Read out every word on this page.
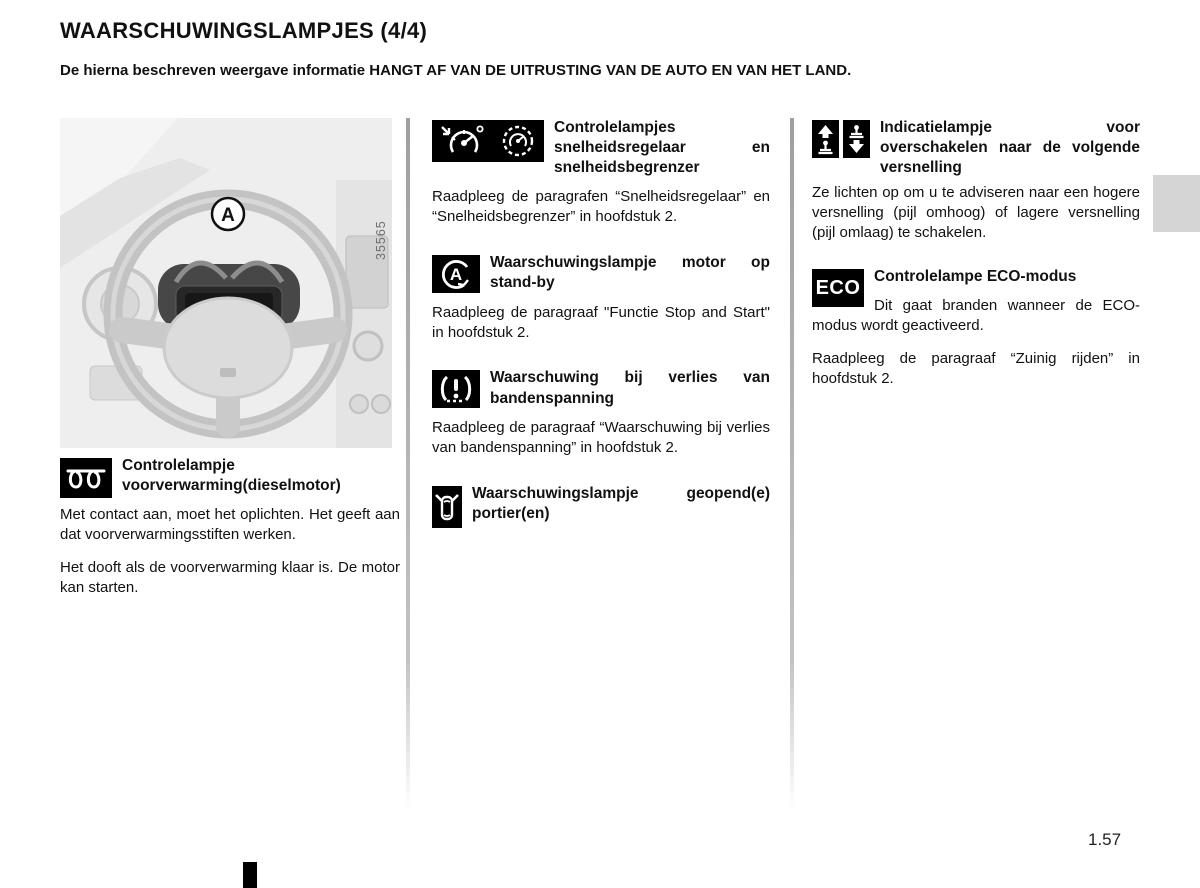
WAARSCHUWINGSLAMPJES (4/4)

De hierna beschreven weergave informatie HANGT AF VAN DE UITRUSTING VAN DE AUTO EN VAN HET LAND.

A
35565
Controlelampje voorverwarming(dieselmotor)

Met contact aan, moet het oplichten. Het geeft aan dat voorverwarmingsstiften werken.

Het dooft als de voorverwarming klaar is. De motor kan starten.

Controlelampjes snelheidsregelaar en snelheidsbegrenzer

Raadpleeg de paragrafen “Snelheidsregelaar” en “Snelheidsbegrenzer” in hoofdstuk 2.

A
Waarschuwingslampje motor op stand-by

Raadpleeg de paragraaf "Functie Stop and Start" in hoofdstuk 2.

Waarschuwing bij verlies van bandenspanning

Raadpleeg de paragraaf “Waarschuwing bij verlies van bandenspanning” in hoofdstuk 2.

Waarschuwingslampje geopend(e) portier(en)
Indicatielampje voor overschakelen naar de volgende versnelling

Ze lichten op om u te adviseren naar een hogere versnelling (pijl omhoog) of lagere versnelling (pijl omlaag) te schakelen.

ECO Controlelampe ECO-modus

Dit gaat branden wanneer de ECO-modus wordt geactiveerd.

Raadpleeg de paragraaf “Zuinig rijden” in hoofdstuk 2.

1.57
